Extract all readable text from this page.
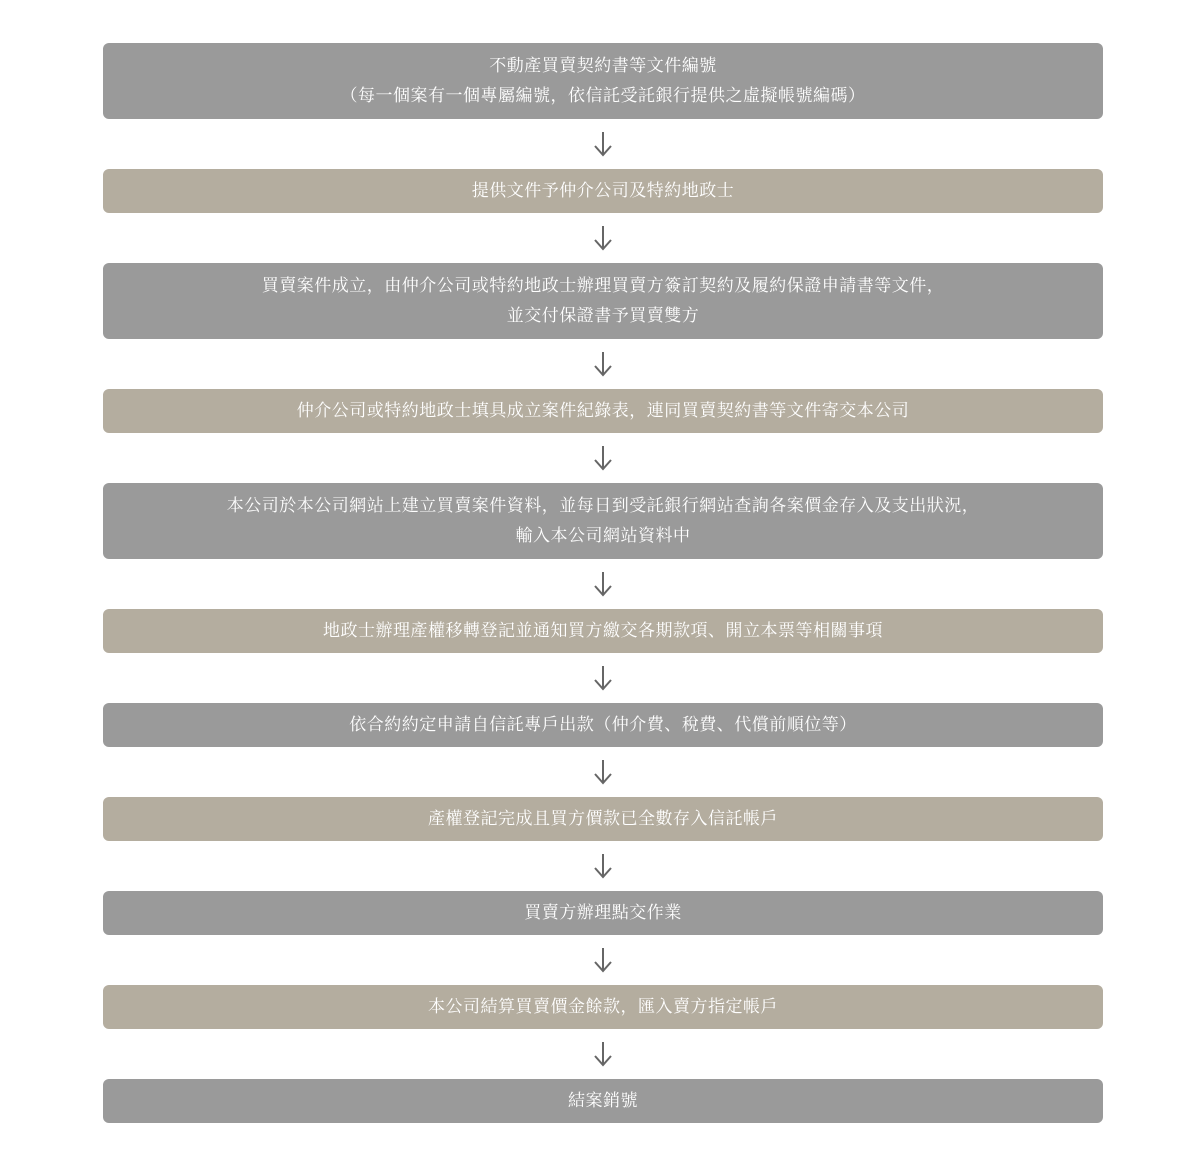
不動產買賣契約書等文件編號
（每一個案有一個專屬編號，依信託受託銀行提供之虛擬帳號編碼）
提供文件予仲介公司及特約地政士
買賣案件成立，由仲介公司或特約地政士辦理買賣方簽訂契約及履約保證申請書等文件，
並交付保證書予買賣雙方
仲介公司或特約地政士填具成立案件紀錄表，連同買賣契約書等文件寄交本公司
本公司於本公司網站上建立買賣案件資料，並每日到受託銀行網站查詢各案價金存入及支出狀況，
輸入本公司網站資料中
地政士辦理產權移轉登記並通知買方繳交各期款項、開立本票等相關事項
依合約約定申請自信託專戶出款（仲介費、稅費、代償前順位等）
產權登記完成且買方價款已全數存入信託帳戶
買賣方辦理點交作業
本公司結算買賣價金餘款，匯入賣方指定帳戶
結案銷號
